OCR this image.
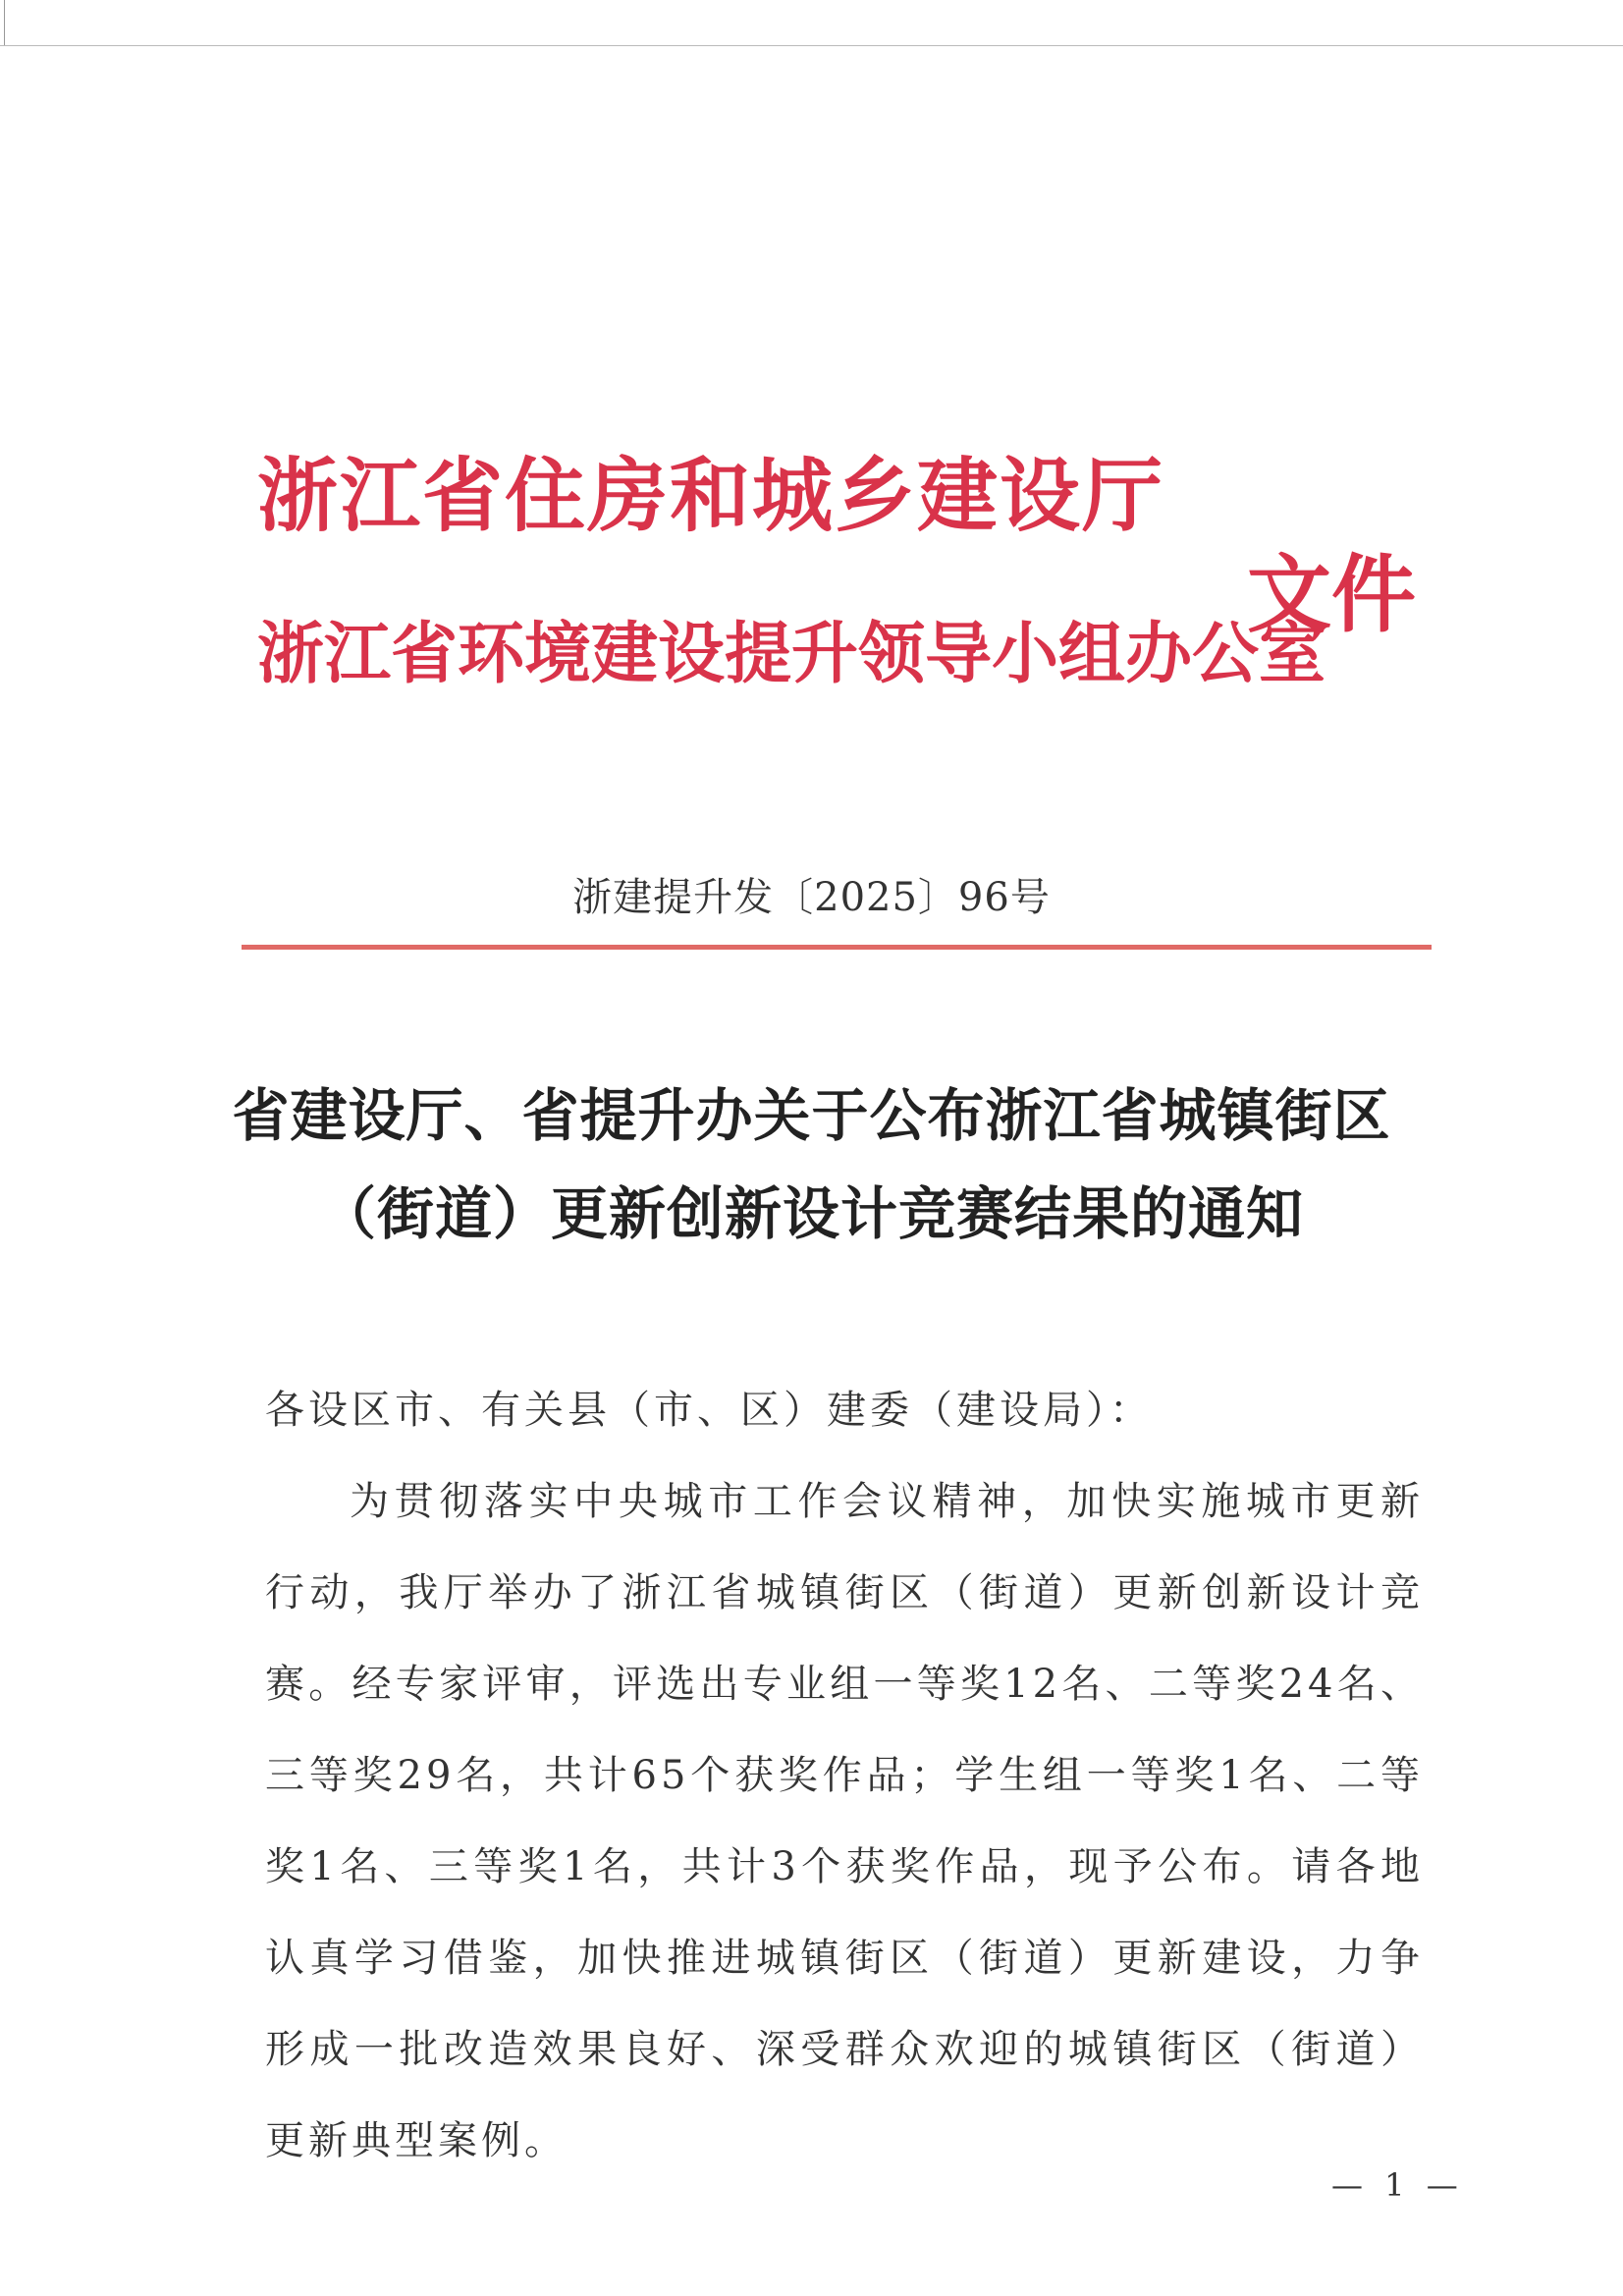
浙江省住房和城乡建设厅
浙江省环境建设提升领导小组办公室
文件
浙建提升发〔2025〕96号
省建设厅、省提升办关于公布浙江省城镇街区
（街道）更新创新设计竞赛结果的通知

各设区市、有关县（市、区）建委（建设局）：

为贯彻落实中央城市工作会议精神，加快实施城市更新行动，我厅举办了浙江省城镇街区（街道）更新创新设计竞赛。经专家评审，评选出专业组一等奖12名、二等奖24名、三等奖29名，共计65个获奖作品；学生组一等奖1名、二等奖1名、三等奖1名，共计3个获奖作品，现予公布。请各地认真学习借鉴，加快推进城镇街区（街道）更新建设，力争形成一批改造效果良好、深受群众欢迎的城镇街区（街道）更新典型案例。

— 1 —
